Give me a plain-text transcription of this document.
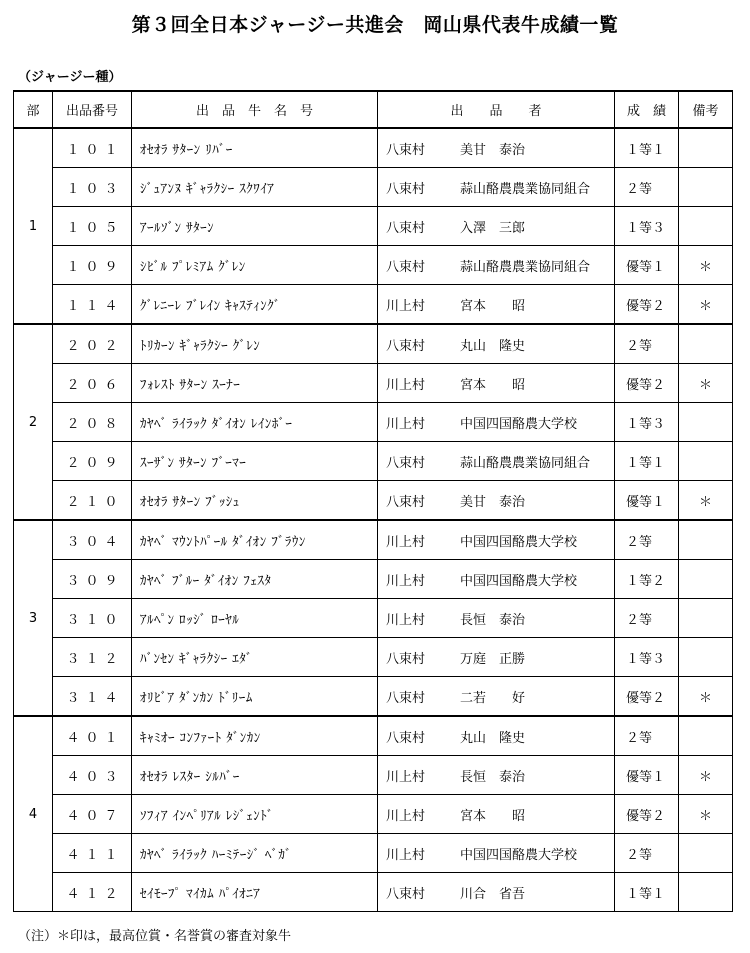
第３回全日本ジャージー共進会　岡山県代表牛成績一覧
（ジャージー種）
部	出品番号	出　品　牛　名　号	出　　品　　者	成　績	備考
1	１０１	ｵｾｵﾗ ｻﾀｰﾝ ﾘﾊﾞｰ	八束村 美甘　泰治	１等１	
	１０３	ｼﾞｭｱﾝﾇ ｷﾞｬﾗｸｼｰ ｽｸﾜｲｱ	八束村 蒜山酪農農業協同組合	２等	
	１０５	ｱｰﾙｿﾞﾝ ｻﾀｰﾝ	八束村 入澤　三郎	１等３	
	１０９	ｼﾋﾞﾙ ﾌﾟﾚﾐｱﾑ ｸﾞﾚﾝ	八束村 蒜山酪農農業協同組合	優等１	＊
	１１４	ｸﾞﾚﾆｰﾚ ﾌﾞﾚｲﾝ ｷｬｽﾃｨﾝｸﾞ	川上村 宮本　　昭	優等２	＊
2	２０２	ﾄﾘｶｰﾝ ｷﾞｬﾗｸｼｰ ｸﾞﾚﾝ	八束村 丸山　隆史	２等	
	２０６	ﾌｫﾚｽﾄ ｻﾀｰﾝ ｽｰﾅｰ	川上村 宮本　　昭	優等２	＊
	２０８	ｶﾔﾍﾞ ﾗｲﾗｯｸ ﾀﾞｲｵﾝ ﾚｲﾝﾎﾞｰ	川上村 中国四国酪農大学校	１等３	
	２０９	ｽｰｻﾞﾝ ｻﾀｰﾝ ﾌﾞｰﾏｰ	八束村 蒜山酪農農業協同組合	１等１	
	２１０	ｵｾｵﾗ ｻﾀｰﾝ ﾌﾞｯｼｭ	八束村 美甘　泰治	優等１	＊
3	３０４	ｶﾔﾍﾞ ﾏｳﾝﾄﾊﾟｰﾙ ﾀﾞｲｵﾝ ﾌﾞﾗｳﾝ	川上村 中国四国酪農大学校	２等	
	３０９	ｶﾔﾍﾞ ﾌﾞﾙｰ ﾀﾞｲｵﾝ ﾌｪｽﾀ	川上村 中国四国酪農大学校	１等２	
	３１０	ｱﾙﾍﾟﾝ ﾛｯｼﾞ ﾛｰﾔﾙ	川上村 長恒　泰治	２等	
	３１２	ﾊﾞﾝｾﾝ ｷﾞｬﾗｸｼｰ ｴﾀﾞ	八束村 万庭　正勝	１等３	
	３１４	ｵﾘﾋﾞｱ ﾀﾞﾝｶﾝ ﾄﾞﾘｰﾑ	八束村 二若　　好	優等２	＊
4	４０１	ｷｬﾐｵｰ ｺﾝﾌｧｰﾄ ﾀﾞﾝｶﾝ	八束村 丸山　隆史	２等	
	４０３	ｵｾｵﾗ ﾚｽﾀｰ ｼﾙﾊﾞｰ	川上村 長恒　泰治	優等１	＊
	４０７	ｿﾌｨｱ ｲﾝﾍﾟﾘｱﾙ ﾚｼﾞｪﾝﾄﾞ	川上村 宮本　　昭	優等２	＊
	４１１	ｶﾔﾍﾞ ﾗｲﾗｯｸ ﾊｰﾐﾃｰｼﾞ ﾍﾞｶﾞ	川上村 中国四国酪農大学校	２等	
	４１２	ｾｲﾓｰﾌﾟ ﾏｲｶﾑ ﾊﾟｲｵﾆｱ	八束村 川合　省吾	１等１	
（注）＊印は，最高位賞・名誉賞の審査対象牛
